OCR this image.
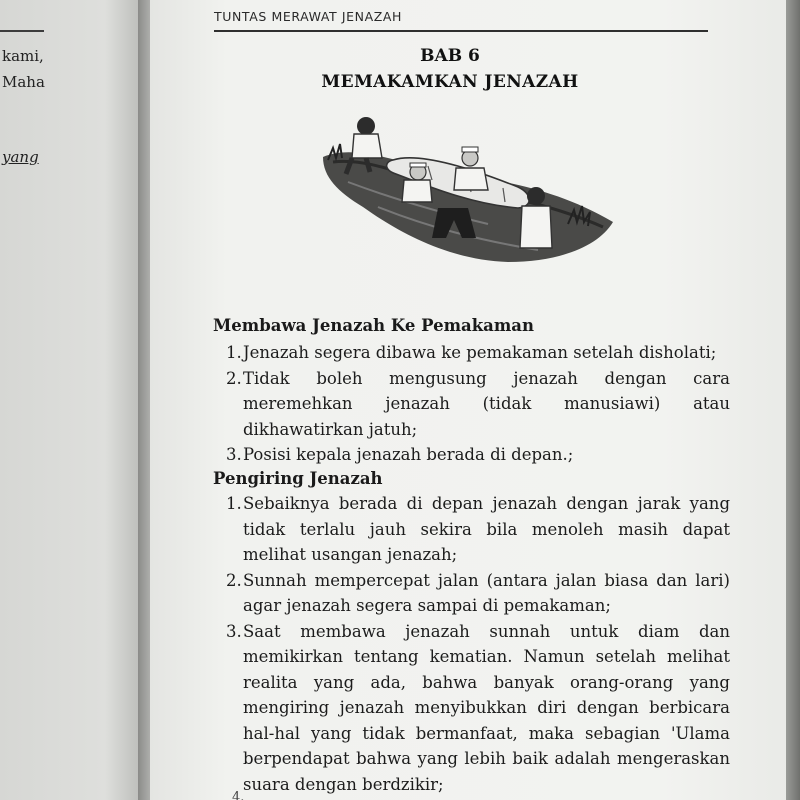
kami,
Maha
yang
TUNTAS MERAWAT JENAZAH
BAB 6
MEMAKAMKAN JENAZAH
Membawa Jenazah Ke Pemakaman
1. Jenazah segera dibawa ke pemakaman setelah disholati;
2. Tidak boleh mengusung jenazah dengan cara meremehkan jenazah (tidak manusiawi) atau dikhawatirkan jatuh;
3. Posisi kepala jenazah berada di depan.;
Pengiring Jenazah
1. Sebaiknya berada di depan jenazah dengan jarak yang tidak terlalu jauh sekira bila menoleh masih dapat melihat usangan jenazah;
2. Sunnah mempercepat jalan (antara jalan biasa dan lari) agar jenazah segera sampai di pemakaman;
3. Saat membawa jenazah sunnah untuk diam dan memikirkan tentang kematian. Namun setelah melihat realita yang ada, bahwa banyak orang-orang yang mengiring jenazah menyibukkan diri dengan berbicara hal-hal yang tidak bermanfaat, maka sebagian 'Ulama berpendapat bahwa yang lebih baik adalah mengeraskan suara dengan berdzikir;
4.
